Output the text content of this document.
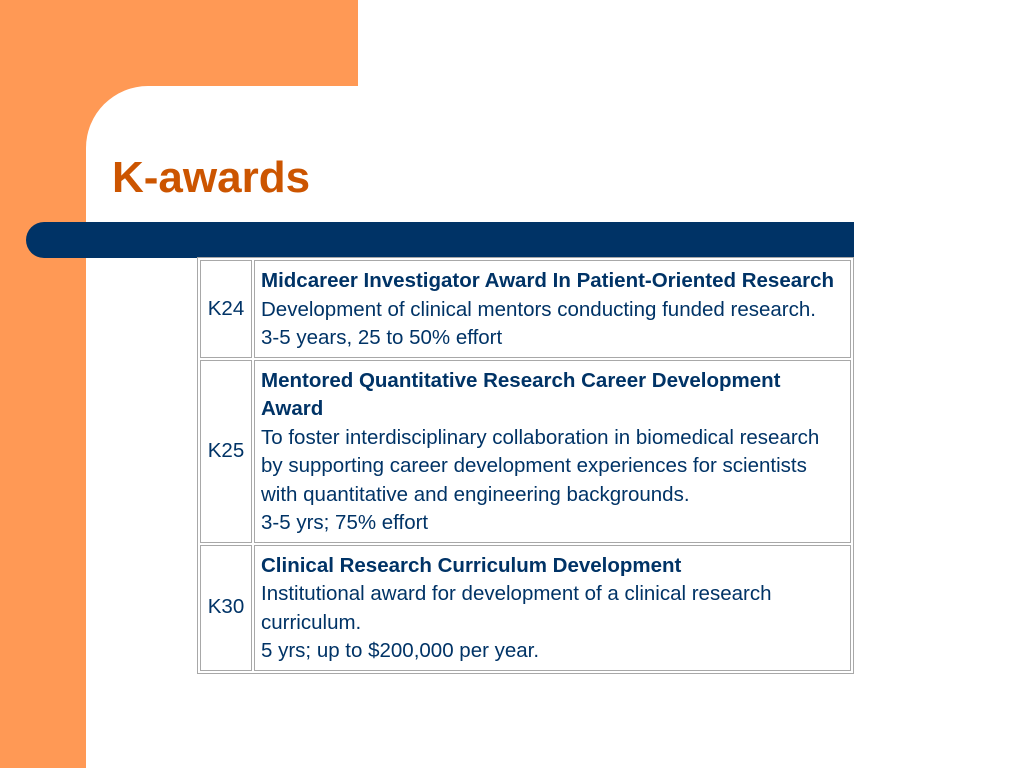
K-awards
K24	Midcareer Investigator Award In Patient-Oriented Research
Development of clinical mentors conducting funded research.
3-5 years, 25 to 50% effort

K25	Mentored Quantitative Research Career Development Award
To foster interdisciplinary collaboration in biomedical research by supporting career development experiences for scientists with quantitative and engineering backgrounds.
3-5 yrs; 75% effort

K30	Clinical Research Curriculum Development
Institutional award for development of a clinical research curriculum.
5 yrs; up to $200,000 per year.
